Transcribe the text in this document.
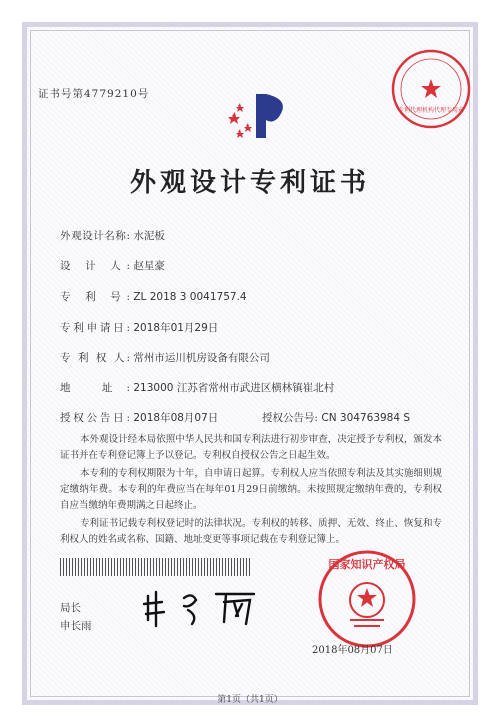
证书号第4779210号
专利代理机构代理专用章
外观设计专利证书
外观设计名称: 水泥板
设 计 人: 赵星豪
专 利 号: ZL 2018 3 0041757.4
专利申请日: 2018年01月29日
专 利 权 人: 常州市运川机房设备有限公司
地 址: 213000 江苏省常州市武进区横林镇崔北村
授权公告日: 2018年08月07日	授权公告号: CN 304763984 S
本外观设计经本局依照中华人民共和国专利法进行初步审查，决定授予专利权，颁发本证书并在专利登记簿上予以登记。专利权自授权公告之日起生效。
本专利的专利权期限为十年，自申请日起算。专利权人应当依照专利法及其实施细则规定缴纳年费。本专利的年费应当在每年01月29日前缴纳。未按照规定缴纳年费的，专利权自应当缴纳年费期满之日起终止。
专利证书记载专利权登记时的法律状况。专利权的转移、质押、无效、终止、恢复和专利权人的姓名或名称、国籍、地址变更等事项记载在专利登记簿上。
局长
申长雨
国家知识产权局
2018年08月07日
第1页（共1页）
